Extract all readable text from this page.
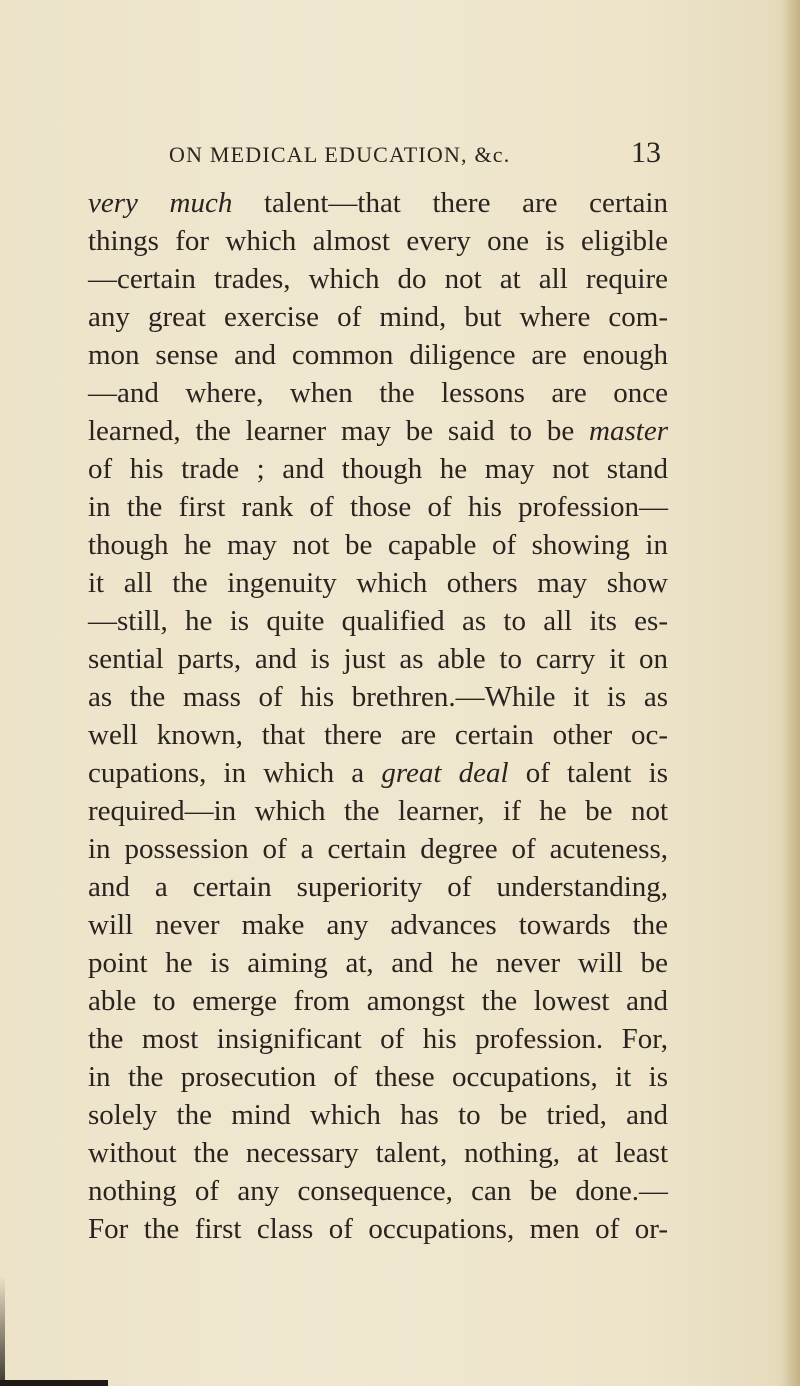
ON MEDICAL EDUCATION, &c.	13
very much talent—that there are certain
things for which almost every one is eligible
—certain trades, which do not at all require
any great exercise of mind, but where com-
mon sense and common diligence are enough
—and where, when the lessons are once
learned, the learner may be said to be master
of his trade ; and though he may not stand
in the first rank of those of his profession—
though he may not be capable of showing in
it all the ingenuity which others may show
—still, he is quite qualified as to all its es-
sential parts, and is just as able to carry it on
as the mass of his brethren.—While it is as
well known, that there are certain other oc-
cupations, in which a great deal of talent is
required—in which the learner, if he be not
in possession of a certain degree of acuteness,
and a certain superiority of understanding,
will never make any advances towards the
point he is aiming at, and he never will be
able to emerge from amongst the lowest and
the most insignificant of his profession. For,
in the prosecution of these occupations, it is
solely the mind which has to be tried, and
without the necessary talent, nothing, at least
nothing of any consequence, can be done.—
For the first class of occupations, men of or-
